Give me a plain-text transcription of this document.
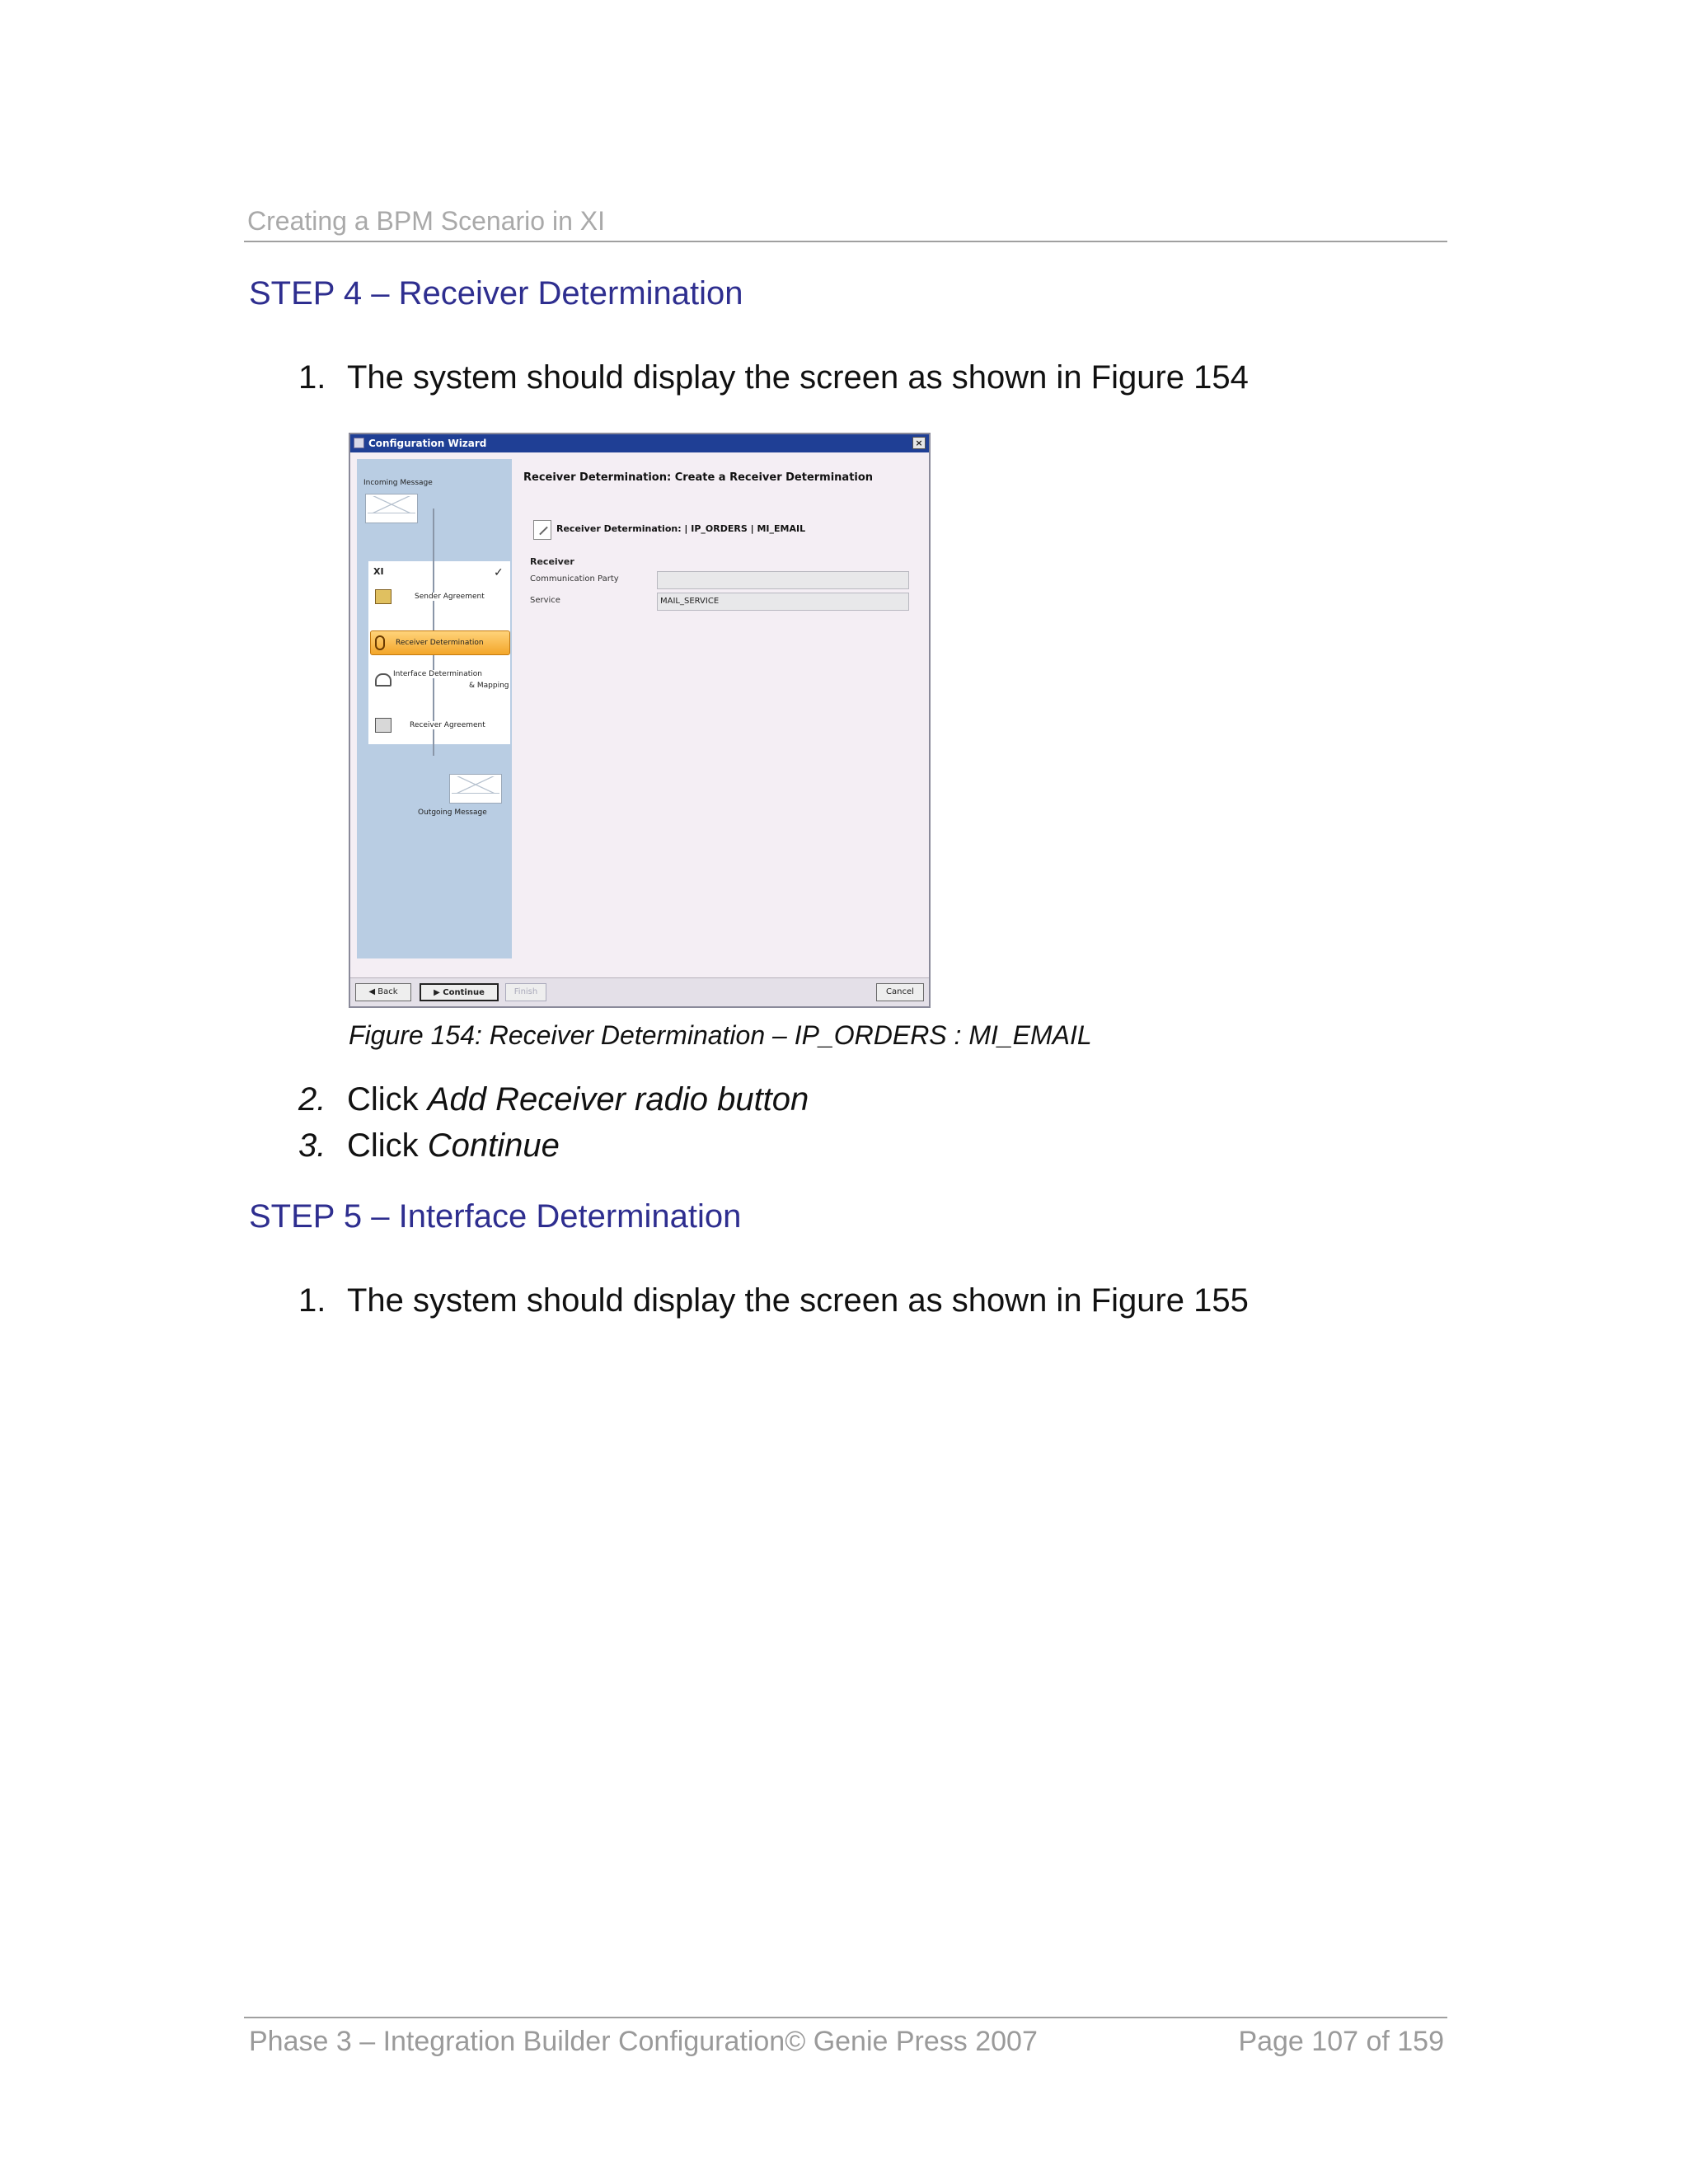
Creating a BPM Scenario in XI
STEP 4 – Receiver Determination
1. The system should display the screen as shown in Figure 154
Configuration Wizard	×
Incoming Message
XI	✓
Sender Agreement
Interface Determination
& Mapping
Receiver Agreement
Receiver Determination
Outgoing Message
Receiver Determination: Create a Receiver Determination
Receiver Determination: | IP_ORDERS | MI_EMAIL
Receiver
Communication Party
Service	MAIL_SERVICE
◀ Back	▶ Continue	Finish	Cancel
Figure 154: Receiver Determination – IP_ORDERS : MI_EMAIL
2. Click Add Receiver radio button
3. Click Continue
STEP 5 – Interface Determination
1. The system should display the screen as shown in Figure 155
Phase 3 – Integration Builder Configuration© Genie Press 2007	Page 107 of 159
